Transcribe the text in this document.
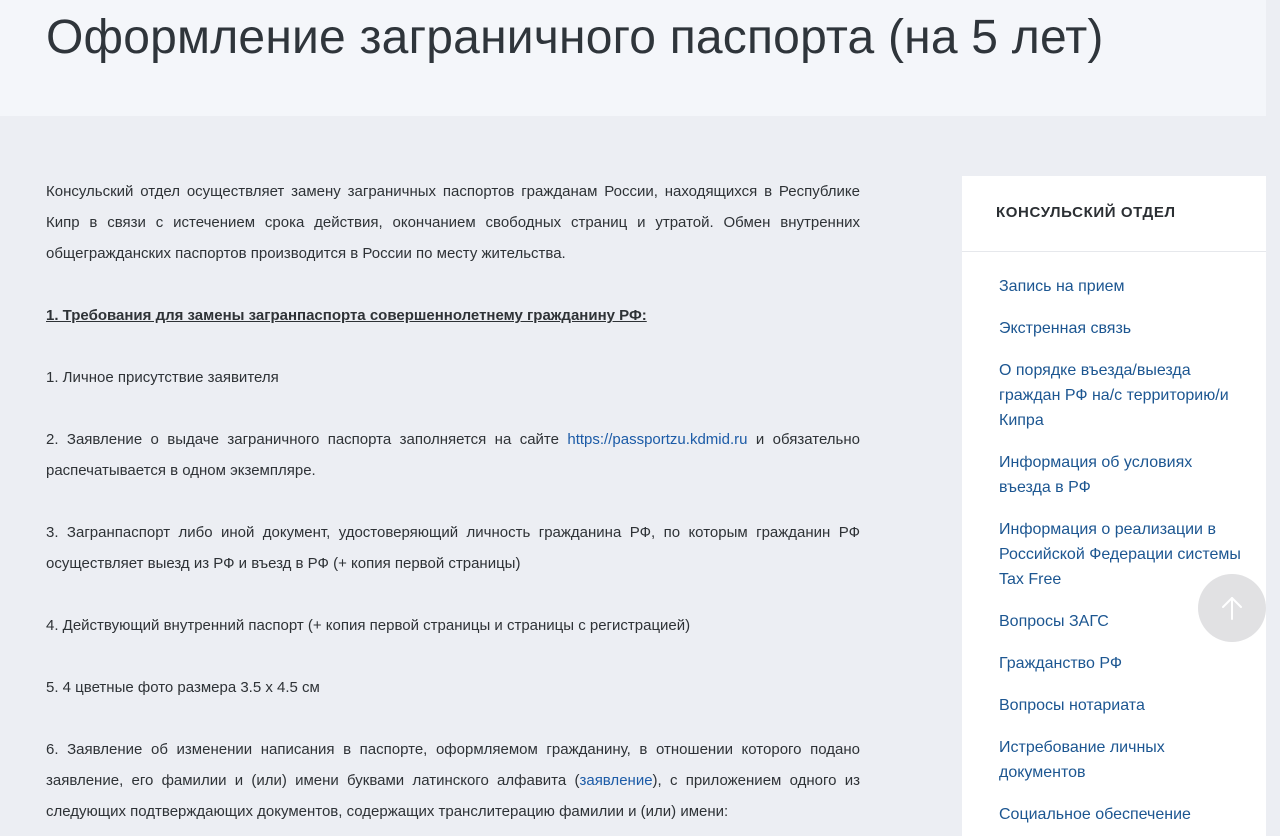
Оформление заграничного паспорта (на 5 лет)

Консульский отдел осуществляет замену заграничных паспортов гражданам России, находящихся в Республике Кипр в связи с истечением срока действия, окончанием свободных страниц и утратой. Обмен внутренних общегражданских паспортов производится в России по месту жительства.

1. Требования для замены загранпаспорта совершеннолетнему гражданину РФ:

1. Личное присутствие заявителя

2. Заявление о выдаче заграничного паспорта заполняется на сайте https://passportzu.kdmid.ru и обязательно распечатывается в одном экземпляре.

3. Загранпаспорт либо иной документ, удостоверяющий личность гражданина РФ, по которым гражданин РФ осуществляет выезд из РФ и въезд в РФ (+ копия первой страницы)

4. Действующий внутренний паспорт (+ копия первой страницы и страницы с регистрацией)

5. 4 цветные фото размера 3.5 х 4.5 см

6. Заявление об изменении написания в паспорте, оформляемом гражданину, в отношении которого подано заявление, его фамилии и (или) имени буквами латинского алфавита (заявление), с приложением одного из следующих подтверждающих документов, содержащих транслитерацию фамилии и (или) имени:

КОНСУЛЬСКИЙ ОТДЕЛ
Запись на прием
Экстренная связь
О порядке въезда/выезда граждан РФ на/с территорию/и Кипра
Информация об условиях въезда в РФ
Информация о реализации в Российской Федерации системы Tax Free
Вопросы ЗАГС
Гражданство РФ
Вопросы нотариата
Истребование личных документов
Социальное обеспечение
